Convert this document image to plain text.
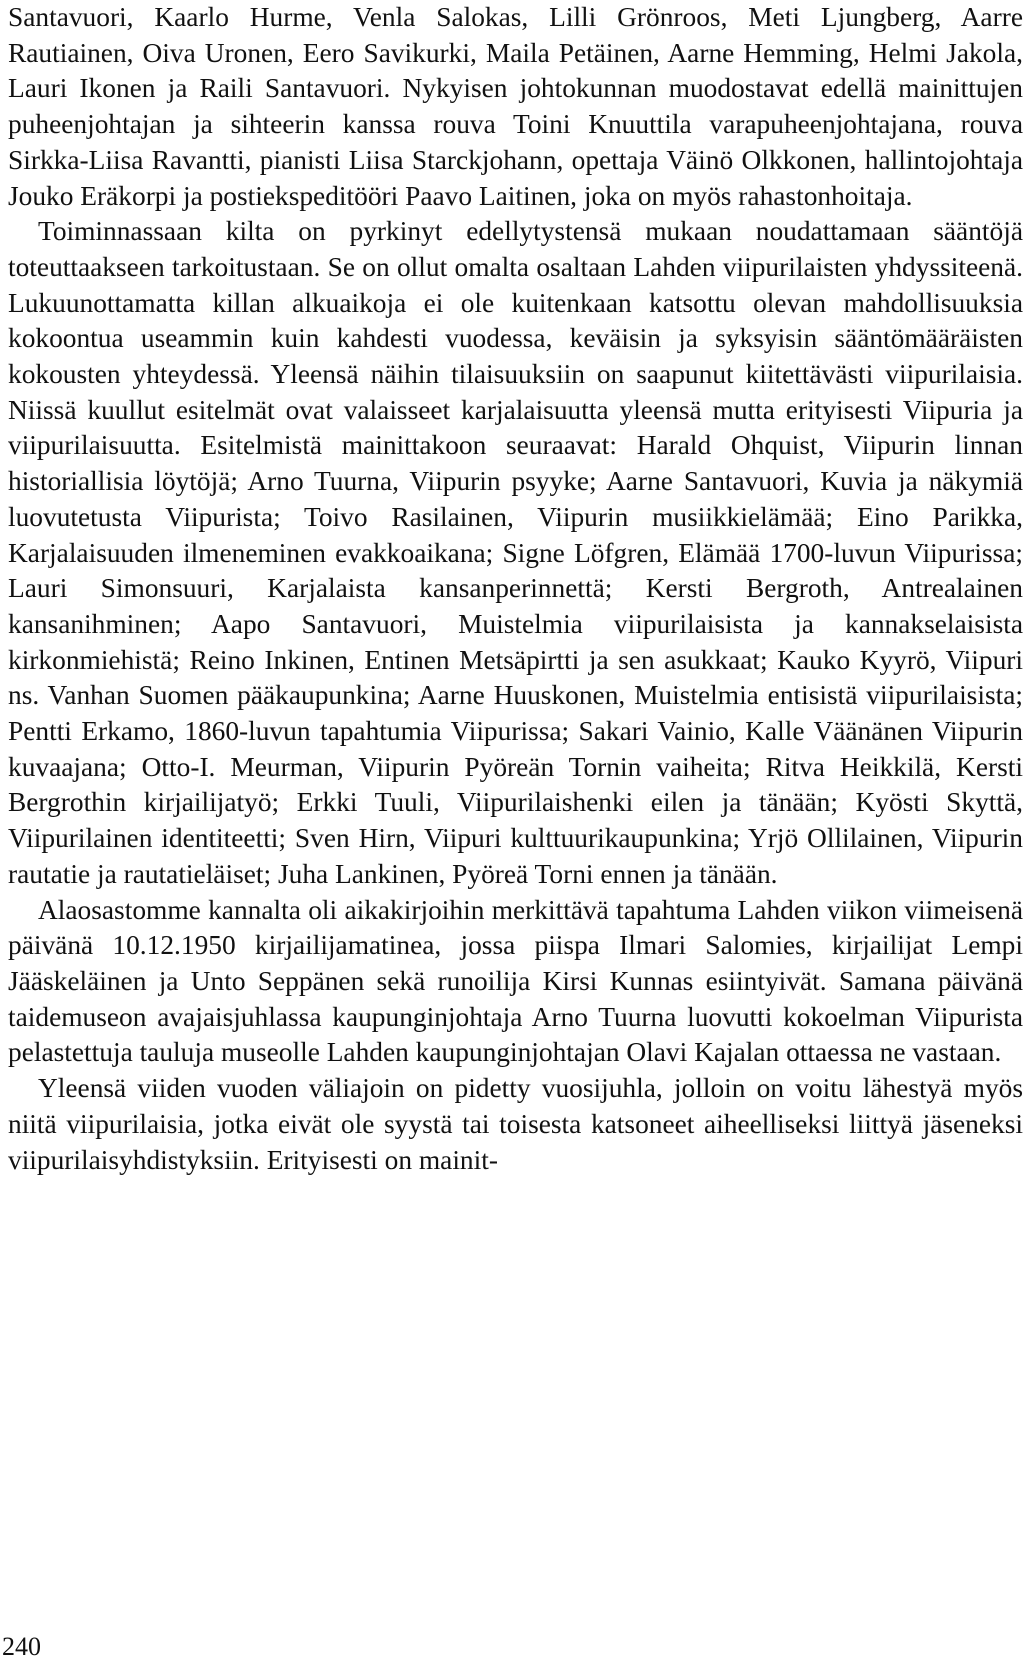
Santavuori, Kaarlo Hurme, Venla Salokas, Lilli Grönroos, Meti Ljungberg, Aarre Rautiainen, Oiva Uronen, Eero Savikurki, Maila Petäinen, Aarne Hemming, Helmi Jakola, Lauri Ikonen ja Raili Santavuori. Nykyisen johtokunnan muodostavat edellä mainittujen puheenjohtajan ja sihteerin kanssa rouva Toini Knuuttila varapuheenjohtajana, rouva Sirkka-Liisa Ravantti, pianisti Liisa Starckjohann, opettaja Väinö Olkkonen, hallintojohtaja Jouko Eräkorpi ja postiekspeditööri Paavo Laitinen, joka on myös rahastonhoitaja.

Toiminnassaan kilta on pyrkinyt edellytystensä mukaan noudattamaan sääntöjä toteuttaakseen tarkoitustaan. Se on ollut omalta osaltaan Lahden viipurilaisten yhdyssiteenä. Lukuunottamatta killan alkuaikoja ei ole kuitenkaan katsottu olevan mahdollisuuksia kokoontua useammin kuin kahdesti vuodessa, keväisin ja syksyisin sääntömääräisten kokousten yhteydessä. Yleensä näihin tilaisuuksiin on saapunut kiitettävästi viipurilaisia. Niissä kuullut esitelmät ovat valaisseet karjalaisuutta yleensä mutta erityisesti Viipuria ja viipurilaisuutta. Esitelmistä mainittakoon seuraavat: Harald Ohquist, Viipurin linnan historiallisia löytöjä; Arno Tuurna, Viipurin psyyke; Aarne Santavuori, Kuvia ja näkymiä luovutetusta Viipurista; Toivo Rasilainen, Viipurin musiikkielämää; Eino Parikka, Karjalaisuuden ilmeneminen evakkoaikana; Signe Löfgren, Elämää 1700-luvun Viipurissa; Lauri Simonsuuri, Karjalaista kansanperinnettä; Kersti Bergroth, Antrealainen kansanihminen; Aapo Santavuori, Muistelmia viipurilaisista ja kannakselaisista kirkonmiehistä; Reino Inkinen, Entinen Metsäpirtti ja sen asukkaat; Kauko Kyyrö, Viipuri ns. Vanhan Suomen pääkaupunkina; Aarne Huuskonen, Muistelmia entisistä viipurilaisista; Pentti Erkamo, 1860-luvun tapahtumia Viipurissa; Sakari Vainio, Kalle Väänänen Viipurin kuvaajana; Otto-I. Meurman, Viipurin Pyöreän Tornin vaiheita; Ritva Heikkilä, Kersti Bergrothin kirjailijatyö; Erkki Tuuli, Viipurilaishenki eilen ja tänään; Kyösti Skyttä, Viipurilainen identiteetti; Sven Hirn, Viipuri kulttuurikaupunkina; Yrjö Ollilainen, Viipurin rautatie ja rautatieläiset; Juha Lankinen, Pyöreä Torni ennen ja tänään.

Alaosastomme kannalta oli aikakirjoihin merkittävä tapahtuma Lahden viikon viimeisenä päivänä 10.12.1950 kirjailijamatinea, jossa piispa Ilmari Salomies, kirjailijat Lempi Jääskeläinen ja Unto Seppänen sekä runoilija Kirsi Kunnas esiintyivät. Samana päivänä taidemuseon avajaisjuhlassa kaupunginjohtaja Arno Tuurna luovutti kokoelman Viipurista pelastettuja tauluja museolle Lahden kaupunginjohtajan Olavi Kajalan ottaessa ne vastaan.

Yleensä viiden vuoden väliajoin on pidetty vuosijuhla, jolloin on voitu lähestyä myös niitä viipurilaisia, jotka eivät ole syystä tai toisesta katsoneet aiheelliseksi liittyä jäseneksi viipurilaisyhdistyksiin. Erityisesti on mainit-

240
